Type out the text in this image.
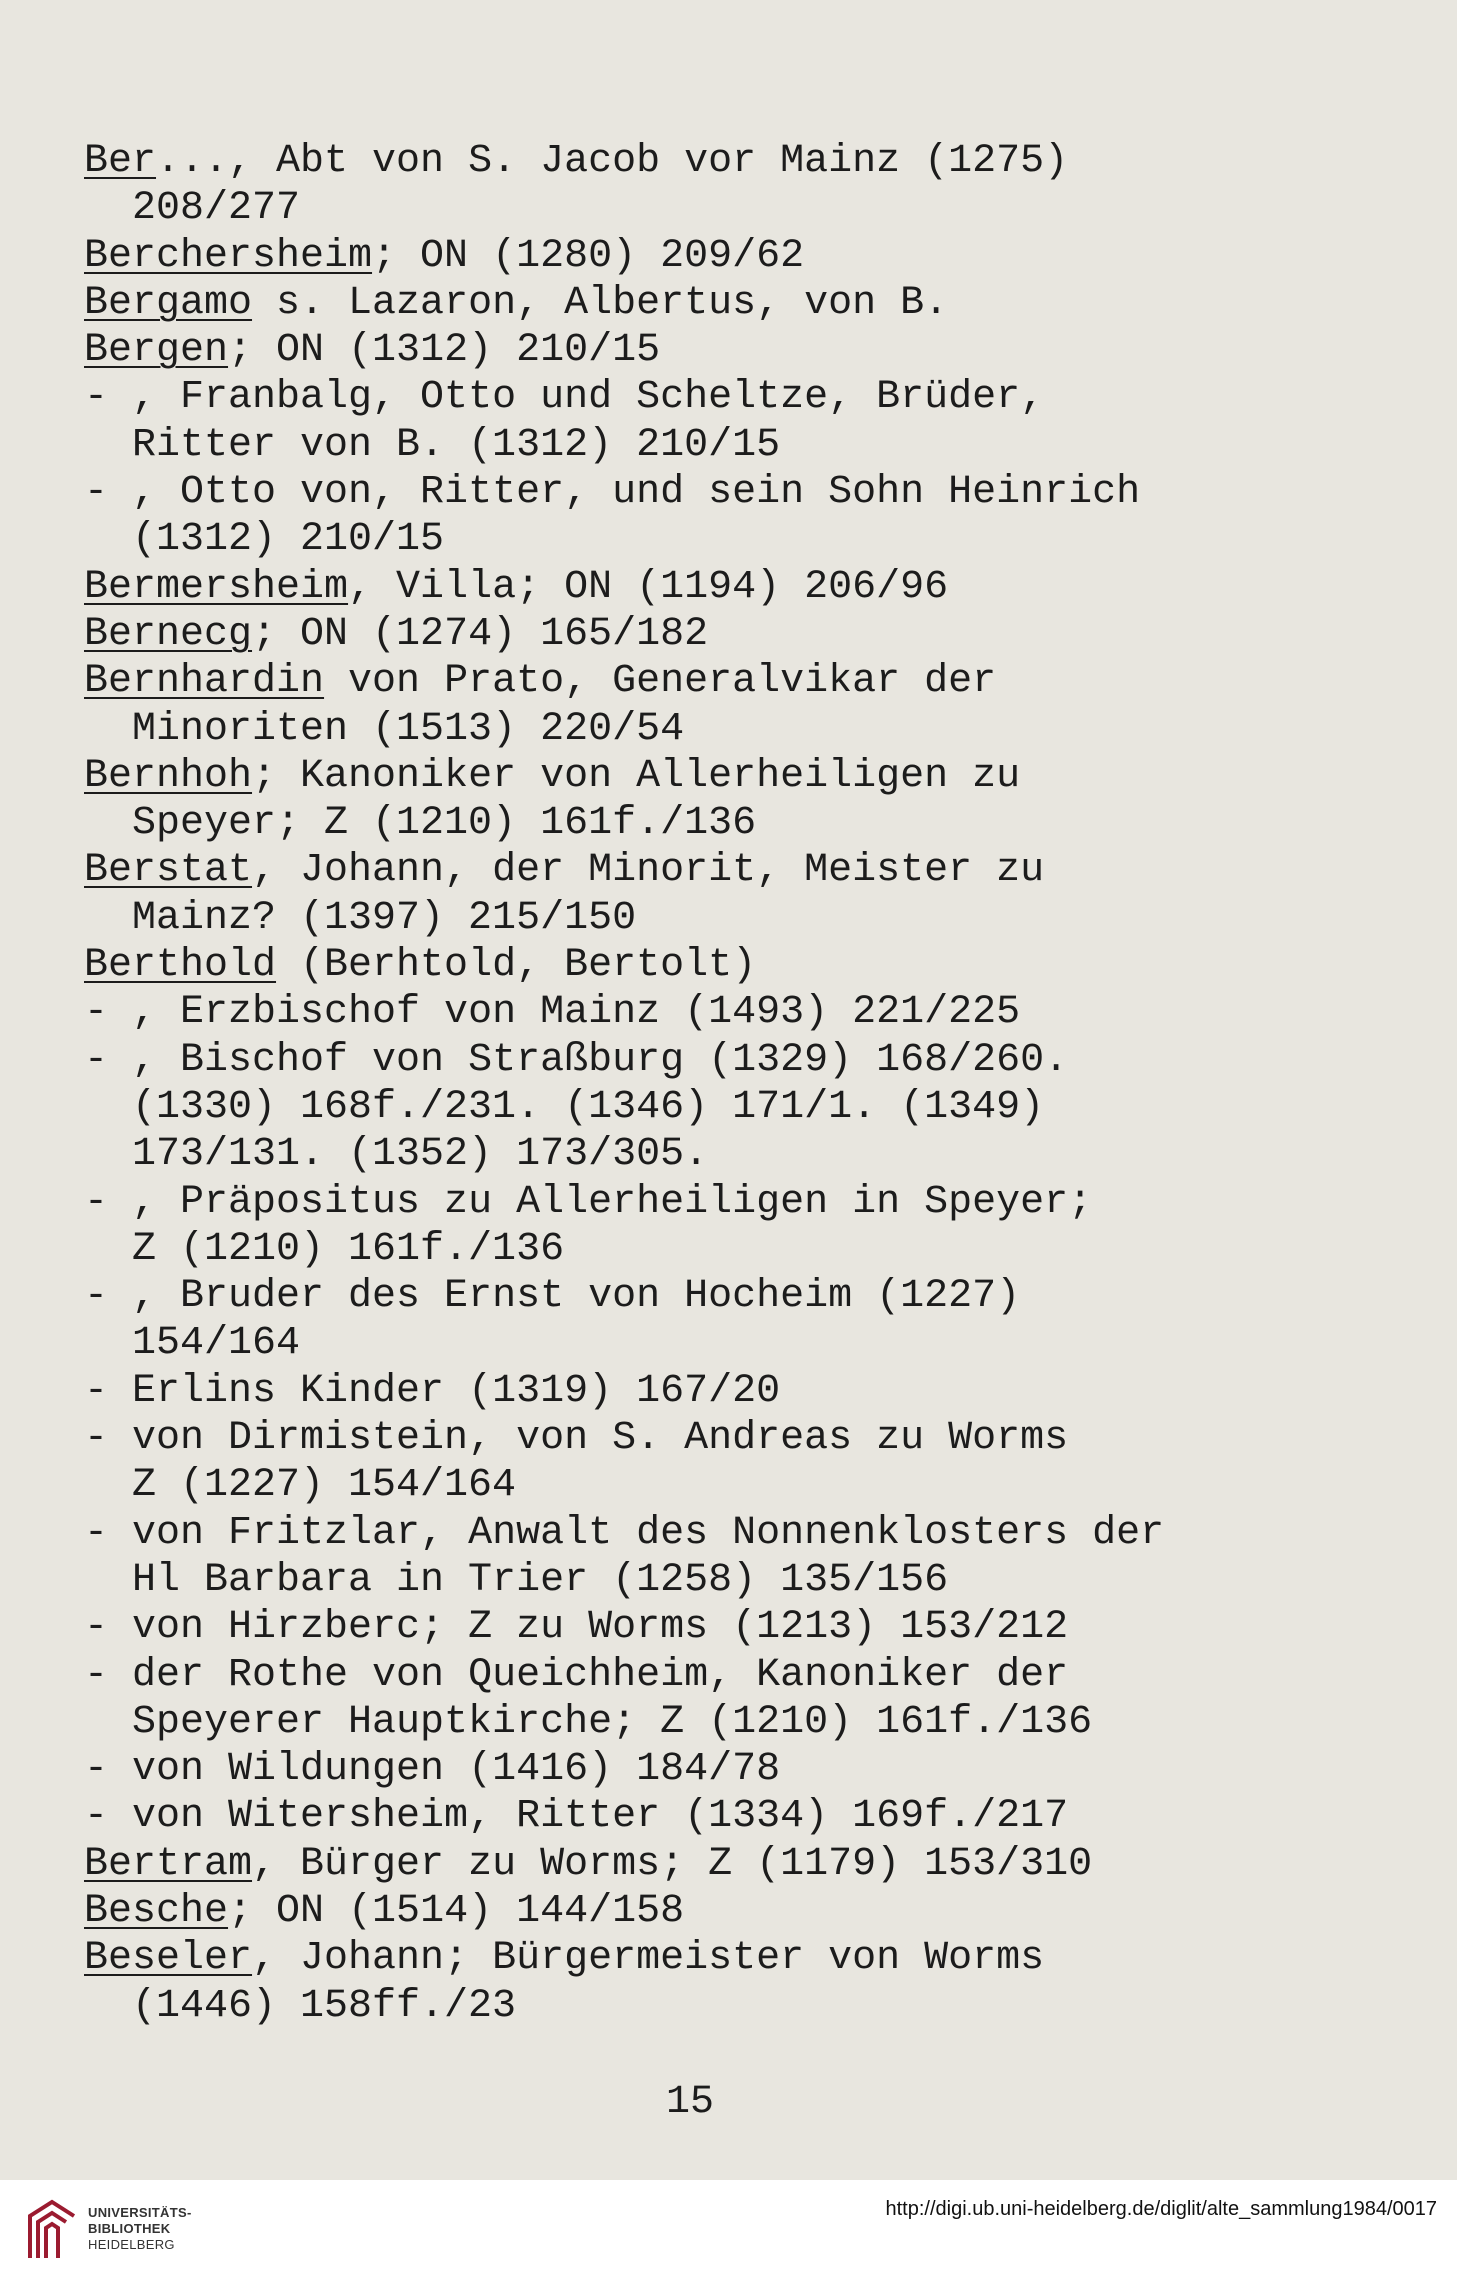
Ber..., Abt von S. Jacob vor Mainz (1275)
208/277
Berchersheim; ON (1280) 209/62
Bergamo s. Lazaron, Albertus, von B.
Bergen; ON (1312) 210/15
- , Franbalg, Otto und Scheltze, Brüder,
Ritter von B. (1312) 210/15
- , Otto von, Ritter, und sein Sohn Heinrich
(1312) 210/15
Bermersheim, Villa; ON (1194) 206/96
Bernecg; ON (1274) 165/182
Bernhardin von Prato, Generalvikar der
Minoriten (1513) 220/54
Bernhoh; Kanoniker von Allerheiligen zu
Speyer; Z (1210) 161f./136
Berstat, Johann, der Minorit, Meister zu
Mainz? (1397) 215/150
Berthold (Berhtold, Bertolt)
- , Erzbischof von Mainz (1493) 221/225
- , Bischof von Straßburg (1329) 168/260.
(1330) 168f./231. (1346) 171/1. (1349)
173/131. (1352) 173/305.
- , Präpositus zu Allerheiligen in Speyer;
Z (1210) 161f./136
- , Bruder des Ernst von Hocheim (1227)
154/164
- Erlins Kinder (1319) 167/20
- von Dirmistein, von S. Andreas zu Worms
Z (1227) 154/164
- von Fritzlar, Anwalt des Nonnenklosters der
Hl Barbara in Trier (1258) 135/156
- von Hirzberc; Z zu Worms (1213) 153/212
- der Rothe von Queichheim, Kanoniker der
Speyerer Hauptkirche; Z (1210) 161f./136
- von Wildungen (1416) 184/78
- von Witersheim, Ritter (1334) 169f./217
Bertram, Bürger zu Worms; Z (1179) 153/310
Besche; ON (1514) 144/158
Beseler, Johann; Bürgermeister von Worms
(1446) 158ff./23
15
UNIVERSITÄTS-
BIBLIOTHEK
HEIDELBERG
http://digi.ub.uni-heidelberg.de/diglit/alte_sammlung1984/0017
